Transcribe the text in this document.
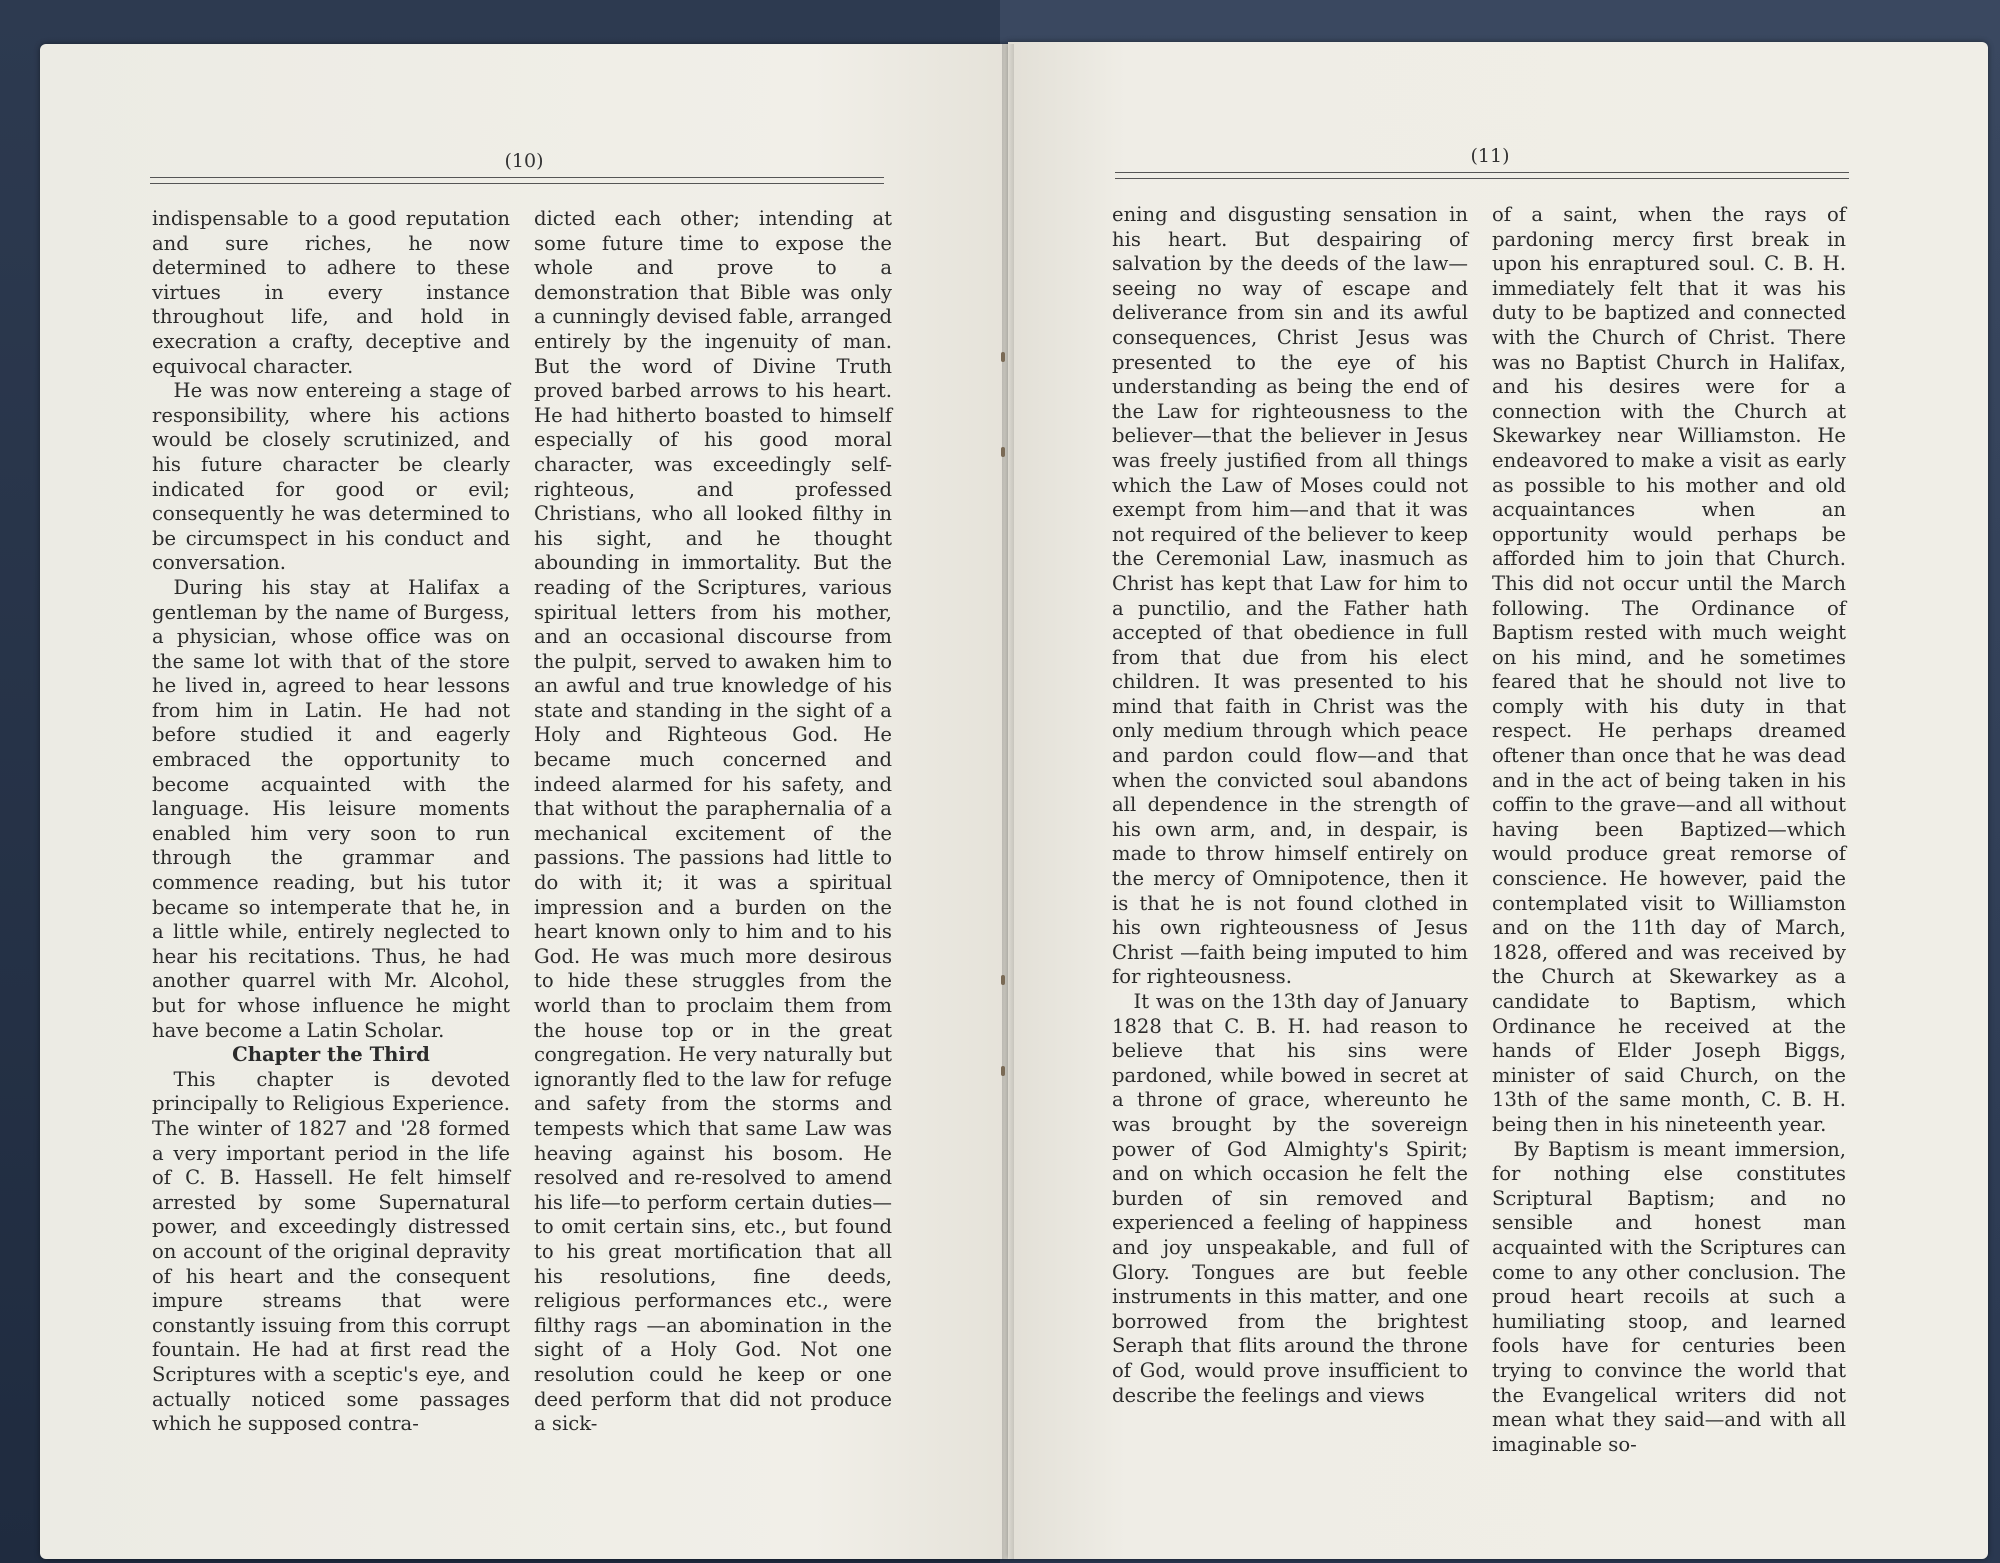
(10)	(11)

indispensable to a good reputation and sure riches, he now determined to adhere to these virtues in every instance throughout life, and hold in execration a crafty, deceptive and equivocal character.

He was now entereing a stage of responsibility, where his actions would be closely scrutinized, and his future character be clearly indicated for good or evil; consequently he was determined to be circumspect in his conduct and conversation.

During his stay at Halifax a gentleman by the name of Burgess, a physician, whose office was on the same lot with that of the store he lived in, agreed to hear lessons from him in Latin. He had not before studied it and eagerly embraced the opportunity to become acquainted with the language. His leisure moments enabled him very soon to run through the grammar and commence reading, but his tutor became so intemperate that he, in a little while, entirely neglected to hear his recitations. Thus, he had another quarrel with Mr. Alcohol, but for whose influence he might have become a Latin Scholar.

Chapter the Third

This chapter is devoted principally to Religious Experience. The winter of 1827 and '28 formed a very important period in the life of C. B. Hassell. He felt himself arrested by some Supernatural power, and exceedingly distressed on account of the original depravity of his heart and the consequent impure streams that were constantly issuing from this corrupt fountain. He had at first read the Scriptures with a sceptic's eye, and actually noticed some passages which he supposed contra-

dicted each other; intending at some future time to expose the whole and prove to a demonstration that Bible was only a cunningly devised fable, arranged entirely by the ingenuity of man. But the word of Divine Truth proved barbed arrows to his heart. He had hitherto boasted to himself especially of his good moral character, was exceedingly self-righteous, and professed Christians, who all looked filthy in his sight, and he thought abounding in immortality. But the reading of the Scriptures, various spiritual letters from his mother, and an occasional discourse from the pulpit, served to awaken him to an awful and true knowledge of his state and standing in the sight of a Holy and Righteous God. He became much concerned and indeed alarmed for his safety, and that without the paraphernalia of a mechanical excitement of the passions. The passions had little to do with it; it was a spiritual impression and a burden on the heart known only to him and to his God. He was much more desirous to hide these struggles from the world than to proclaim them from the house top or in the great congregation. He very naturally but ignorantly fled to the law for refuge and safety from the storms and tempests which that same Law was heaving against his bosom. He resolved and re-resolved to amend his life—to perform certain duties—to omit certain sins, etc., but found to his great mortification that all his resolutions, fine deeds, religious performances etc., were filthy rags —an abomination in the sight of a Holy God. Not one resolution could he keep or one deed perform that did not produce a sick-

ening and disgusting sensation in his heart. But despairing of salvation by the deeds of the law—seeing no way of escape and deliverance from sin and its awful consequences, Christ Jesus was presented to the eye of his understanding as being the end of the Law for righteousness to the believer—that the believer in Jesus was freely justified from all things which the Law of Moses could not exempt from him—and that it was not required of the believer to keep the Ceremonial Law, inasmuch as Christ has kept that Law for him to a punctilio, and the Father hath accepted of that obedience in full from that due from his elect children. It was presented to his mind that faith in Christ was the only medium through which peace and pardon could flow—and that when the convicted soul abandons all dependence in the strength of his own arm, and, in despair, is made to throw himself entirely on the mercy of Omnipotence, then it is that he is not found clothed in his own righteousness of Jesus Christ —faith being imputed to him for righteousness.

It was on the 13th day of January 1828 that C. B. H. had reason to believe that his sins were pardoned, while bowed in secret at a throne of grace, whereunto he was brought by the sovereign power of God Almighty's Spirit; and on which occasion he felt the burden of sin removed and experienced a feeling of happiness and joy unspeakable, and full of Glory. Tongues are but feeble instruments in this matter, and one borrowed from the brightest Seraph that flits around the throne of God, would prove insufficient to describe the feelings and views

of a saint, when the rays of pardoning mercy first break in upon his enraptured soul. C. B. H. immediately felt that it was his duty to be baptized and connected with the Church of Christ. There was no Baptist Church in Halifax, and his desires were for a connection with the Church at Skewarkey near Williamston. He endeavored to make a visit as early as possible to his mother and old acquaintances when an opportunity would perhaps be afforded him to join that Church. This did not occur until the March following. The Ordinance of Baptism rested with much weight on his mind, and he sometimes feared that he should not live to comply with his duty in that respect. He perhaps dreamed oftener than once that he was dead and in the act of being taken in his coffin to the grave—and all without having been Baptized—which would produce great remorse of conscience. He however, paid the contemplated visit to Williamston and on the 11th day of March, 1828, offered and was received by the Church at Skewarkey as a candidate to Baptism, which Ordinance he received at the hands of Elder Joseph Biggs, minister of said Church, on the 13th of the same month, C. B. H. being then in his nineteenth year.

By Baptism is meant immersion, for nothing else constitutes Scriptural Baptism; and no sensible and honest man acquainted with the Scriptures can come to any other conclusion. The proud heart recoils at such a humiliating stoop, and learned fools have for centuries been trying to convince the world that the Evangelical writers did not mean what they said—and with all imaginable so-
